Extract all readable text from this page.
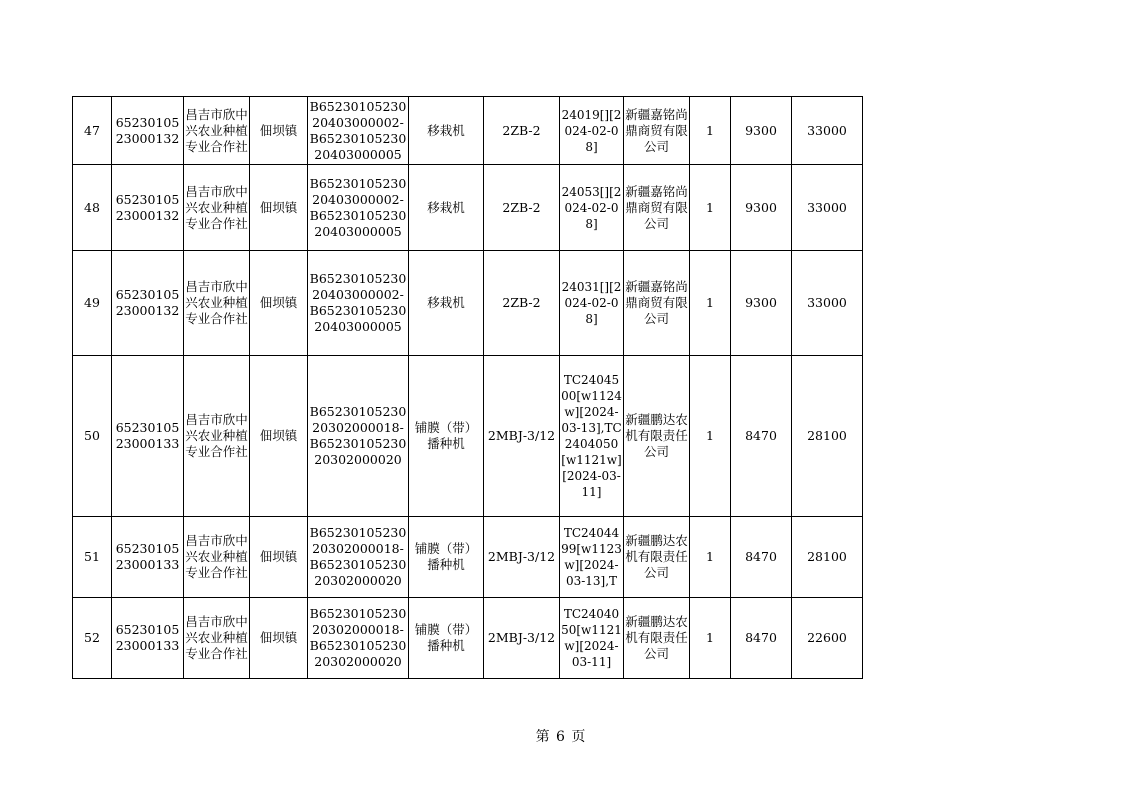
47	6523010523000132	昌吉市欣中兴农业种植专业合作社	佃坝镇	B6523010523020403000002-B6523010523020403000005	移栽机	2ZB-2	24019[][2024-02-08]	新疆嘉铭尚鼎商贸有限公司	1	9300	33000
48	6523010523000132	昌吉市欣中兴农业种植专业合作社	佃坝镇	B6523010523020403000002-B6523010523020403000005	移栽机	2ZB-2	24053[][2024-02-08]	新疆嘉铭尚鼎商贸有限公司	1	9300	33000
49	6523010523000132	昌吉市欣中兴农业种植专业合作社	佃坝镇	B6523010523020403000002-B6523010523020403000005	移栽机	2ZB-2	24031[][2024-02-08]	新疆嘉铭尚鼎商贸有限公司	1	9300	33000
50	6523010523000133	昌吉市欣中兴农业种植专业合作社	佃坝镇	B6523010523020302000018-B6523010523020302000020	铺膜（带）播种机	2MBJ-3/12	TC2404500[w1124w][2024-03-13],TC2404050[w1121w][2024-03-11]	新疆鹏达农机有限责任公司	1	8470	28100
51	6523010523000133	昌吉市欣中兴农业种植专业合作社	佃坝镇	B6523010523020302000018-B6523010523020302000020	铺膜（带）播种机	2MBJ-3/12	TC2404499[w1123w][2024-03-13],T	新疆鹏达农机有限责任公司	1	8470	28100
52	6523010523000133	昌吉市欣中兴农业种植专业合作社	佃坝镇	B6523010523020302000018-B6523010523020302000020	铺膜（带）播种机	2MBJ-3/12	TC2404050[w1121w][2024-03-11]	新疆鹏达农机有限责任公司	1	8470	22600
第 6 页
